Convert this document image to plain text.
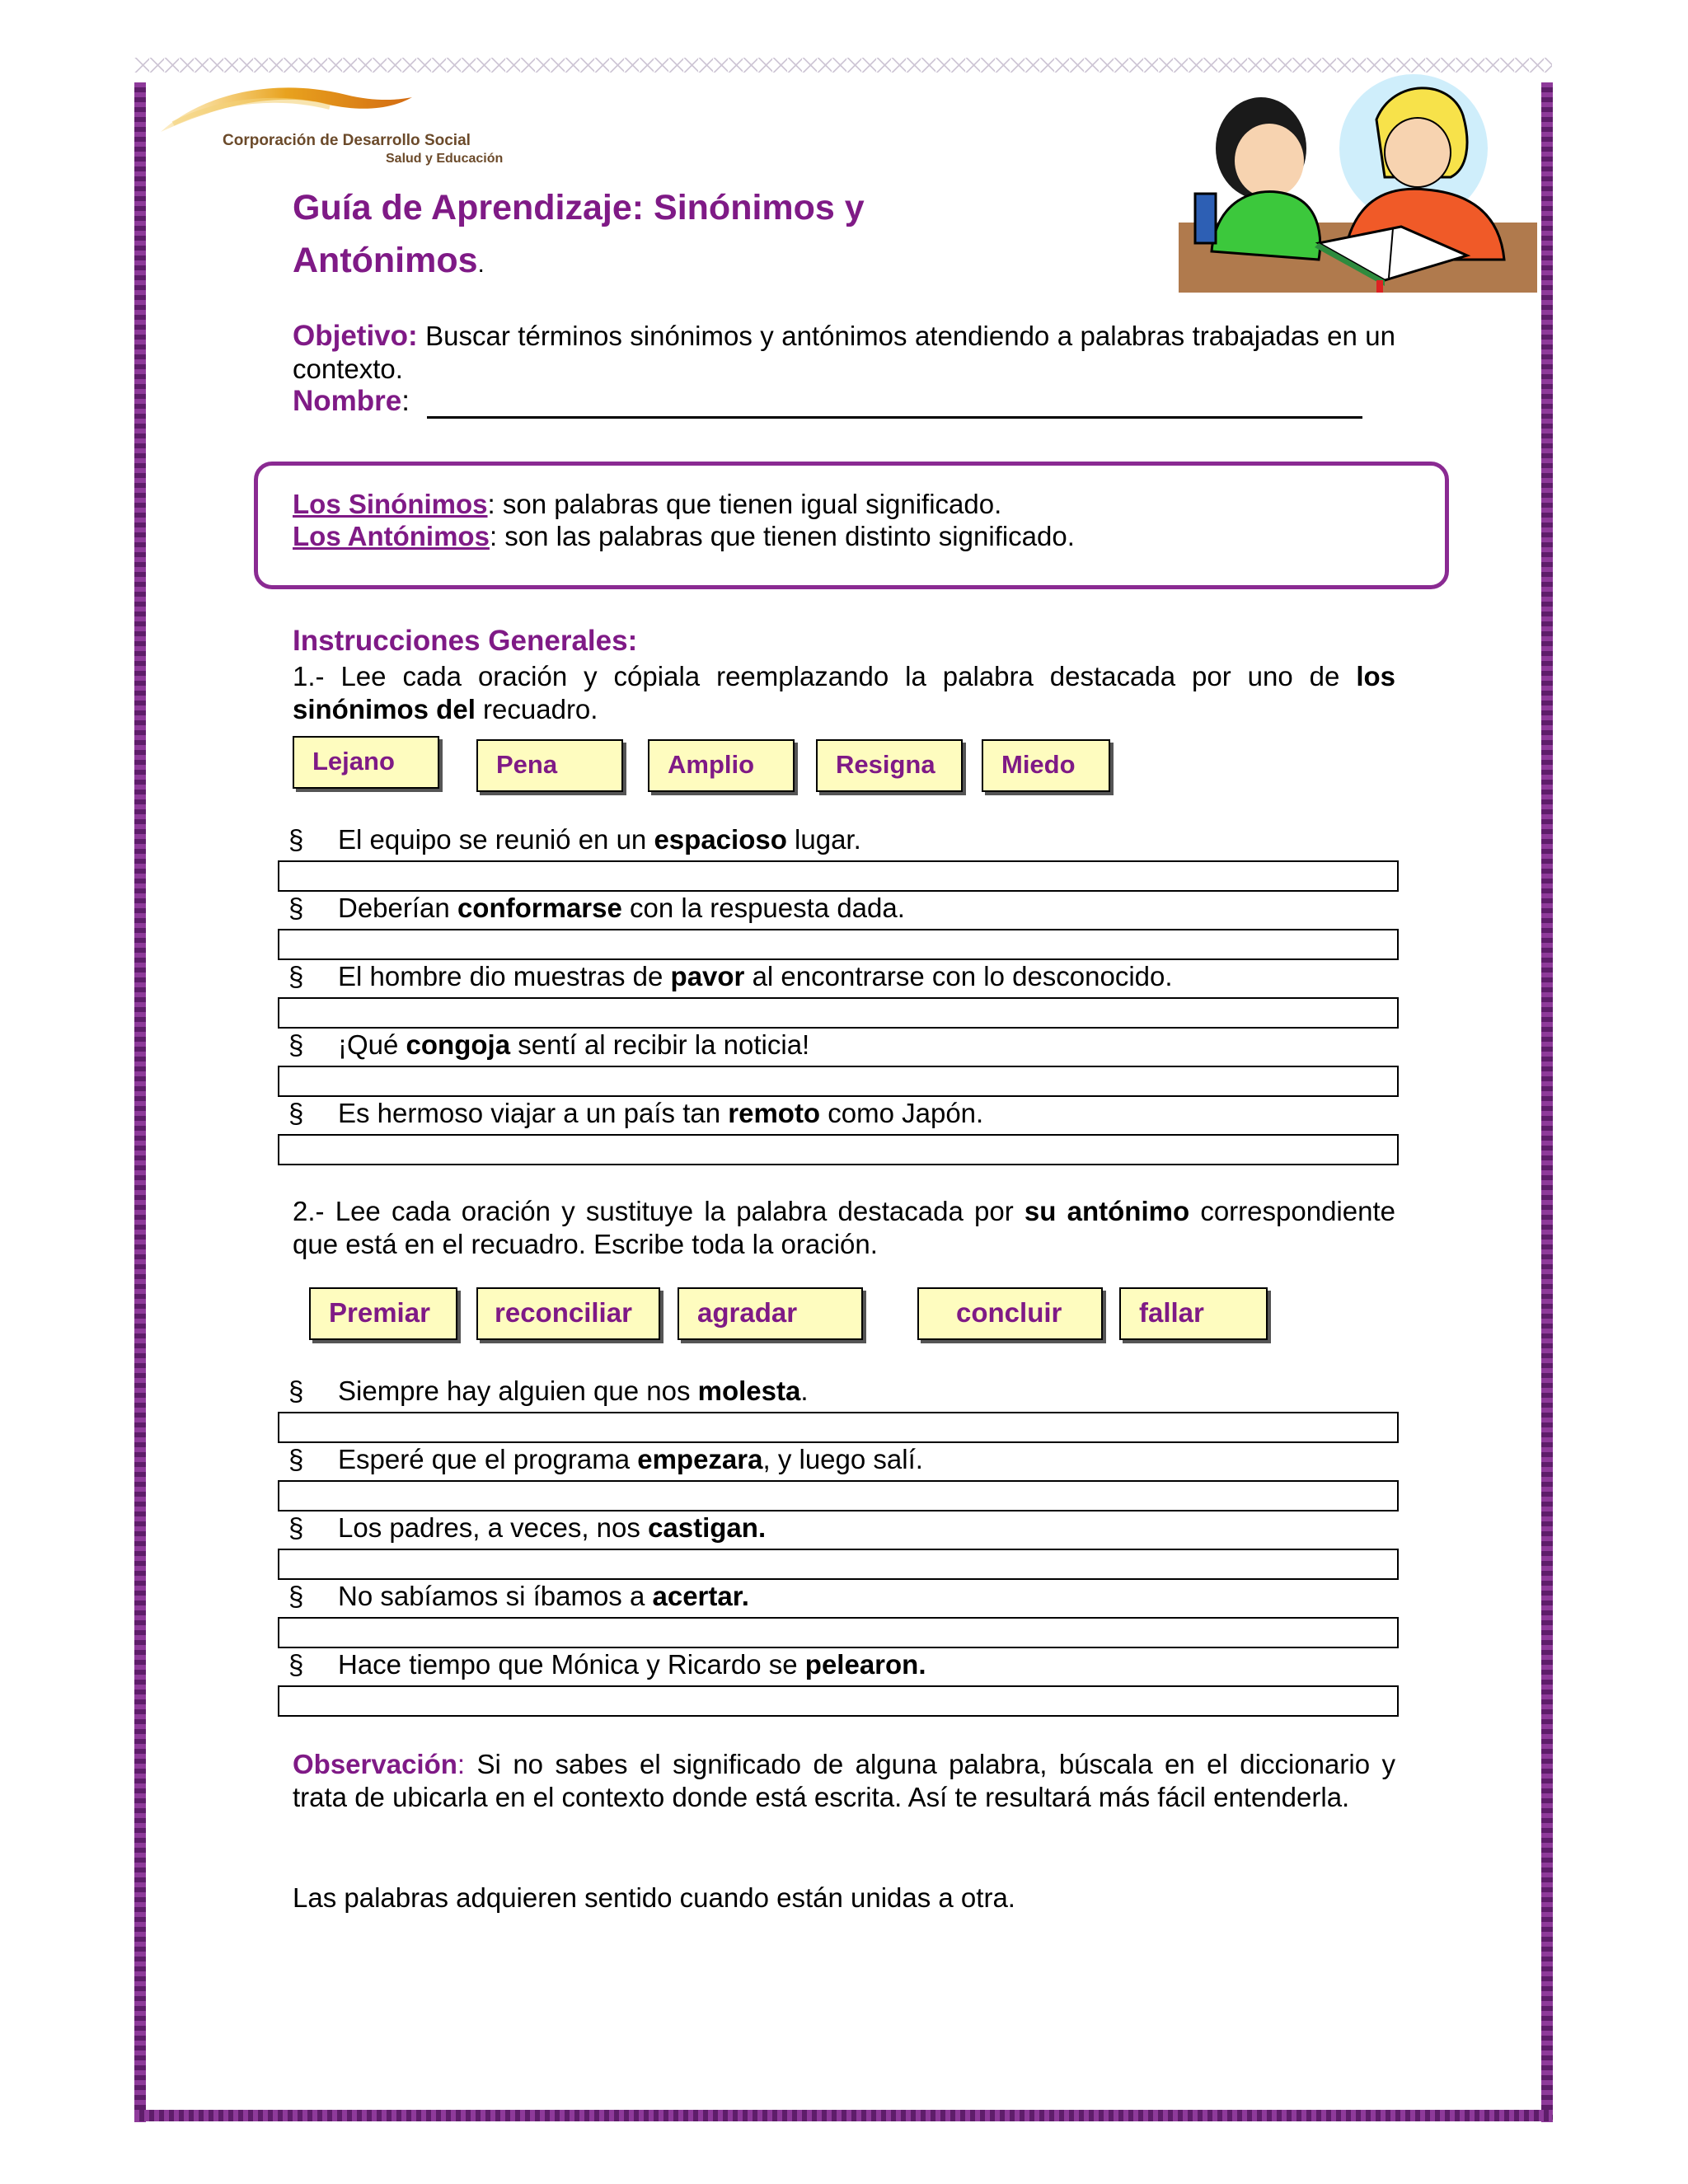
Corporación de Desarrollo Social
Salud y Educación
Guía de Aprendizaje: Sinónimos y
Antónimos.
Objetivo: Buscar términos sinónimos y antónimos atendiendo a palabras trabajadas en un contexto.
Nombre:
Los Sinónimos: son palabras que tienen igual significado.
Los Antónimos: son las palabras que tienen distinto significado.
Instrucciones Generales:
1.- Lee cada oración y cópiala reemplazando la palabra destacada por uno de los sinónimos del recuadro.
Lejano	Pena	Amplio	Resigna	Miedo
§ El equipo se reunió en un espacioso lugar.
§ Deberían conformarse con la respuesta dada.
§ El hombre dio muestras de pavor al encontrarse con lo desconocido.
§ ¡Qué congoja sentí al recibir la noticia!
§ Es hermoso viajar a un país tan remoto como Japón.
2.- Lee cada oración y sustituye la palabra destacada por su antónimo correspondiente que está en el recuadro. Escribe toda la oración.
Premiar	reconciliar	agradar	concluir	fallar
§ Siempre hay alguien que nos molesta.
§ Esperé que el programa empezara, y luego salí.
§ Los padres, a veces, nos castigan.
§ No sabíamos si íbamos a acertar.
§ Hace tiempo que Mónica y Ricardo se pelearon.
Observación: Si no sabes el significado de alguna palabra, búscala en el diccionario y trata de ubicarla en el contexto donde está escrita. Así te resultará más fácil entenderla.
Las palabras adquieren sentido cuando están unidas a otra.
